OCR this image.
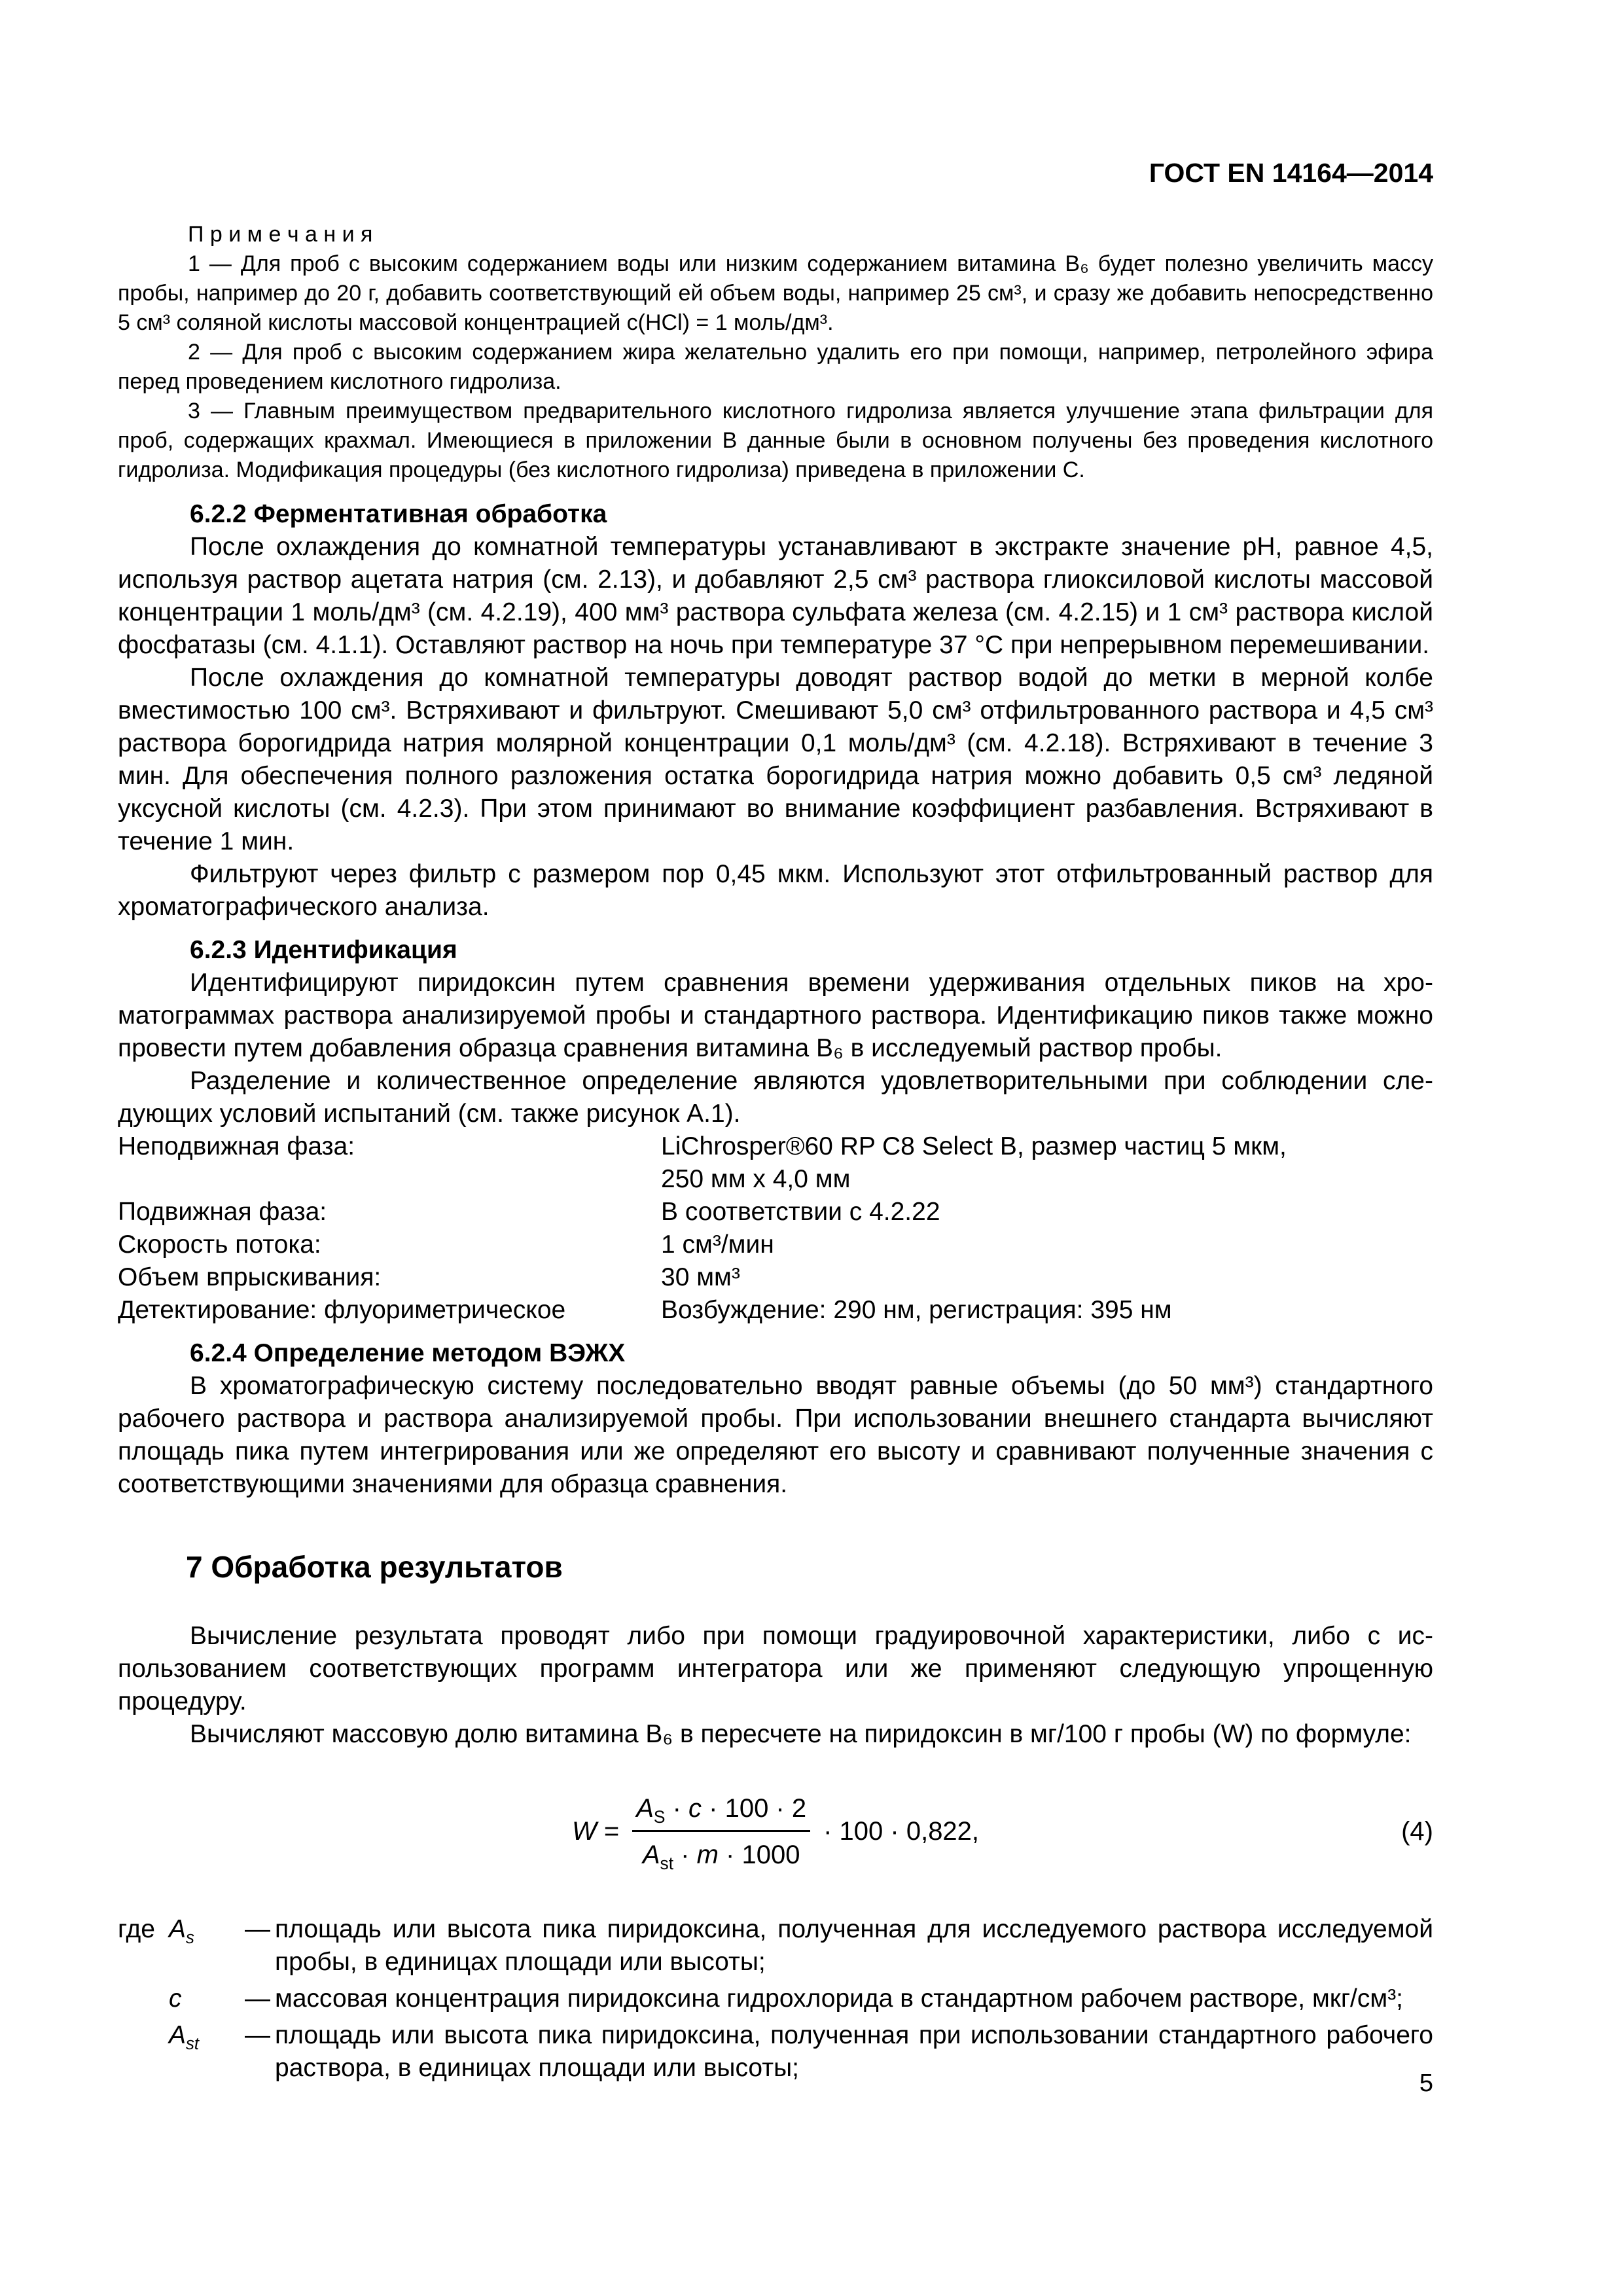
ГОСТ EN 14164—2014
П р и м е ч а н и я
1 — Для проб с высоким содержанием воды или низким содержанием витамина B₆ будет полезно увеличить массу пробы, например до 20 г, добавить соответствующий ей объем воды, например 25 см³, и сразу же добавить непосредственно 5 см³ соляной кислоты массовой концентрацией c(HCl) = 1 моль/дм³.
2 — Для проб с высоким содержанием жира желательно удалить его при помощи, например, петролейного эфира перед проведением кислотного гидролиза.
3 — Главным преимуществом предварительного кислотного гидролиза является улучшение этапа фильтрации для проб, содержащих крахмал. Имеющиеся в приложении B данные были в основном получены без проведения кислотного гидролиза. Модификация процедуры (без кислотного гидролиза) приведена в приложении C.
6.2.2 Ферментативная обработка
После охлаждения до комнатной температуры устанавливают в экстракте значение pH, равное 4,5, используя раствор ацетата натрия (см. 2.13), и добавляют 2,5 см³ раствора глиоксиловой кислоты массовой концентрации 1 моль/дм³ (см. 4.2.19), 400 мм³ раствора сульфата железа (см. 4.2.15) и 1 см³ раствора кислой фосфатазы (см. 4.1.1). Оставляют раствор на ночь при температуре 37 °C при непрерывном перемешивании.
После охлаждения до комнатной температуры доводят раствор водой до метки в мерной колбе вместимостью 100 см³. Встряхивают и фильтруют. Смешивают 5,0 см³ отфильтрованного раствора и 4,5 см³ раствора борогидрида натрия молярной концентрации 0,1 моль/дм³ (см. 4.2.18). Встряхивают в течение 3 мин. Для обеспечения полного разложения остатка борогидрида натрия можно добавить 0,5 см³ ледяной уксусной кислоты (см. 4.2.3). При этом принимают во внимание коэффициент разбавления. Встряхивают в течение 1 мин.
Фильтруют через фильтр с размером пор 0,45 мкм. Используют этот отфильтрованный раствор для хроматографического анализа.
6.2.3 Идентификация
Идентифицируют пиридоксин путем сравнения времени удерживания отдельных пиков на хроматограммах раствора анализируемой пробы и стандартного раствора. Идентификацию пиков также можно провести путем добавления образца сравнения витамина B₆ в исследуемый раствор пробы.
Разделение и количественное определение являются удовлетворительными при соблюдении следующих условий испытаний (см. также рисунок A.1).
Неподвижная фаза:	LiChrosper®60 RP C8 Select B, размер частиц 5 мкм,
250 мм x 4,0 мм
Подвижная фаза:	В соответствии с 4.2.22
Скорость потока:	1 см³/мин
Объем впрыскивания:	30 мм³
Детектирование: флуориметрическое	Возбуждение: 290 нм, регистрация: 395 нм
6.2.4 Определение методом ВЭЖХ
В хроматографическую систему последовательно вводят равные объемы (до 50 мм³) стандартного рабочего раствора и раствора анализируемой пробы. При использовании внешнего стандарта вычисляют площадь пика путем интегрирования или же определяют его высоту и сравнивают полученные значения с соответствующими значениями для образца сравнения.
7 Обработка результатов
Вычисление результата проводят либо при помощи градуировочной характеристики, либо с использованием соответствующих программ интегратора или же применяют следующую упрощенную процедуру.
Вычисляют массовую долю витамина B₆ в пересчете на пиридоксин в мг/100 г пробы (W) по формуле:
W
= $\frac{A_S \cdot c \cdot 100 \cdot 2}{A_{st} \cdot m \cdot 1000} \cdot 100 \cdot 0,822$,	(4)
где $A_s$	— площадь или высота пика пиридоксина, полученная для исследуемого раствора исследуемой пробы, в единицах площади или высоты;
c	— массовая концентрация пиридоксина гидрохлорида в стандартном рабочем растворе, мкг/см³;
$A_{st}$	— площадь или высота пика пиридоксина, полученная при использовании стандартного рабочего раствора, в единицах площади или высоты;
5
